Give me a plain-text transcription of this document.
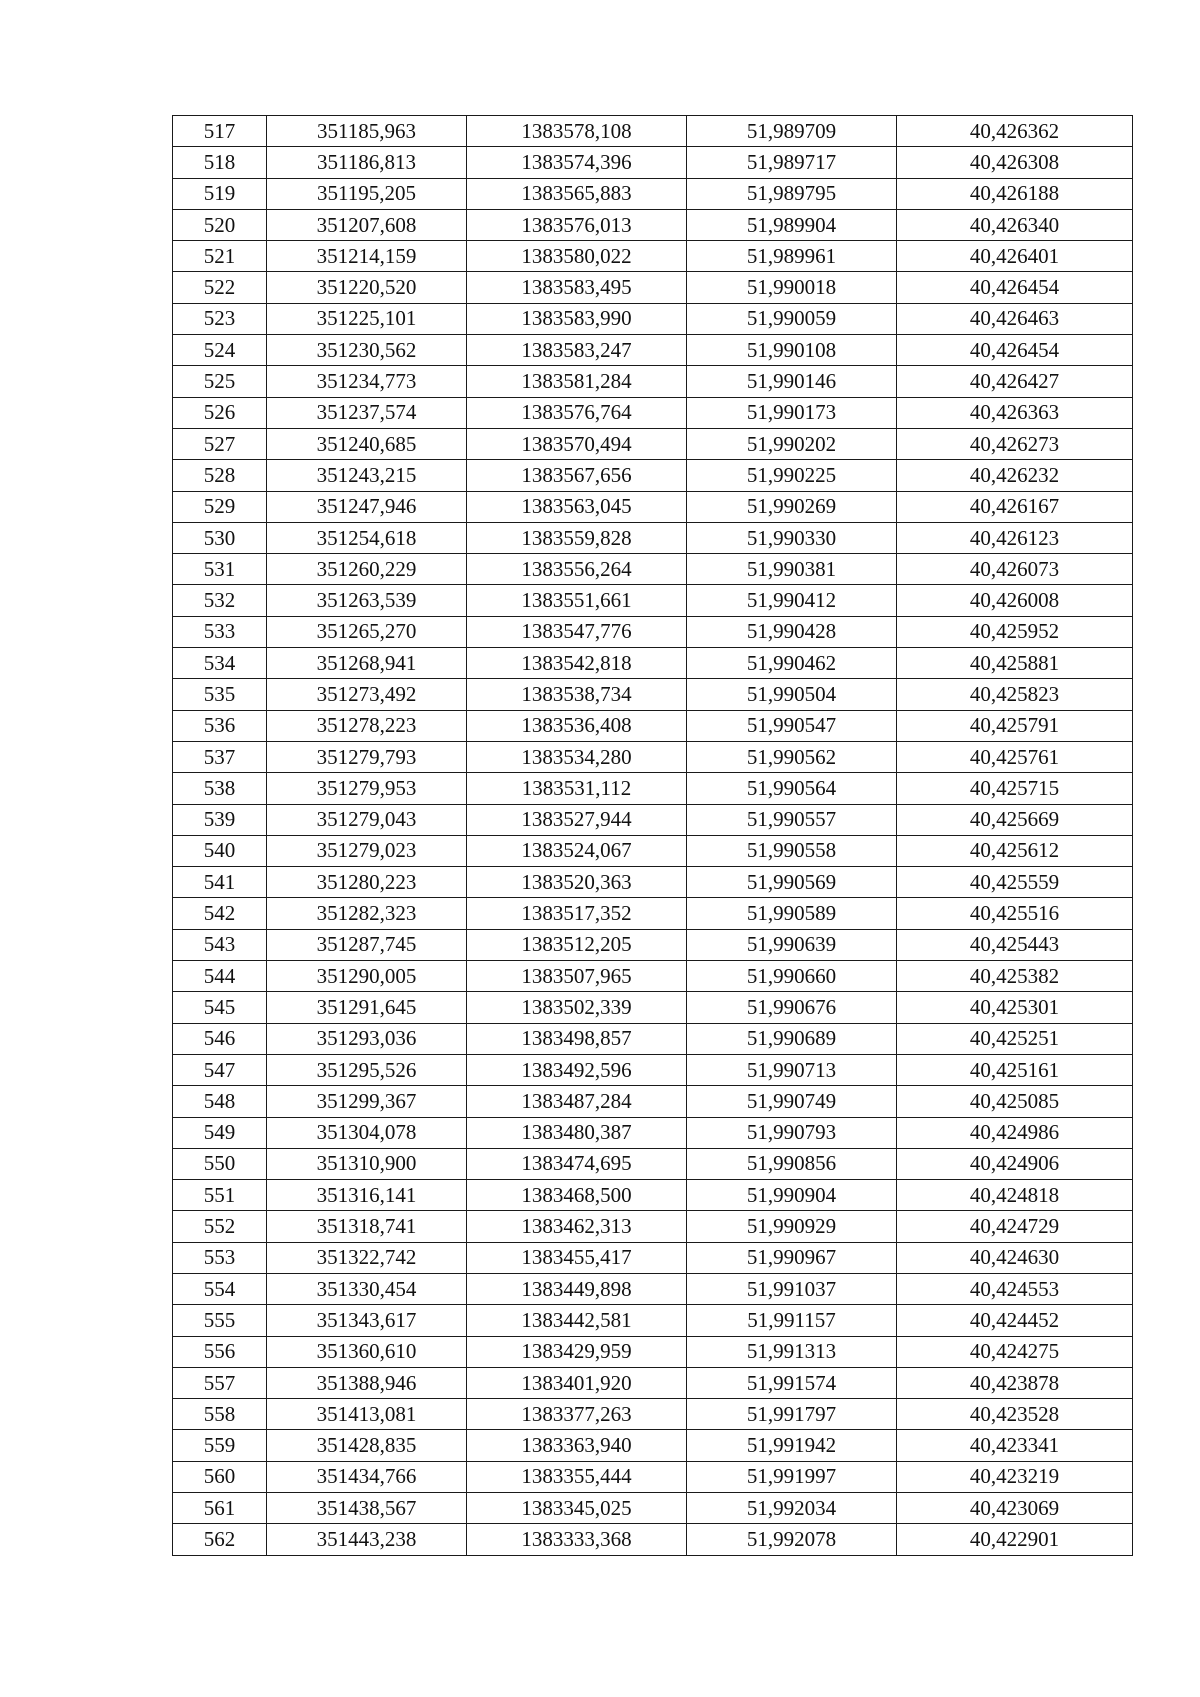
517	351185,963	1383578,108	51,989709	40,426362
518	351186,813	1383574,396	51,989717	40,426308
519	351195,205	1383565,883	51,989795	40,426188
520	351207,608	1383576,013	51,989904	40,426340
521	351214,159	1383580,022	51,989961	40,426401
522	351220,520	1383583,495	51,990018	40,426454
523	351225,101	1383583,990	51,990059	40,426463
524	351230,562	1383583,247	51,990108	40,426454
525	351234,773	1383581,284	51,990146	40,426427
526	351237,574	1383576,764	51,990173	40,426363
527	351240,685	1383570,494	51,990202	40,426273
528	351243,215	1383567,656	51,990225	40,426232
529	351247,946	1383563,045	51,990269	40,426167
530	351254,618	1383559,828	51,990330	40,426123
531	351260,229	1383556,264	51,990381	40,426073
532	351263,539	1383551,661	51,990412	40,426008
533	351265,270	1383547,776	51,990428	40,425952
534	351268,941	1383542,818	51,990462	40,425881
535	351273,492	1383538,734	51,990504	40,425823
536	351278,223	1383536,408	51,990547	40,425791
537	351279,793	1383534,280	51,990562	40,425761
538	351279,953	1383531,112	51,990564	40,425715
539	351279,043	1383527,944	51,990557	40,425669
540	351279,023	1383524,067	51,990558	40,425612
541	351280,223	1383520,363	51,990569	40,425559
542	351282,323	1383517,352	51,990589	40,425516
543	351287,745	1383512,205	51,990639	40,425443
544	351290,005	1383507,965	51,990660	40,425382
545	351291,645	1383502,339	51,990676	40,425301
546	351293,036	1383498,857	51,990689	40,425251
547	351295,526	1383492,596	51,990713	40,425161
548	351299,367	1383487,284	51,990749	40,425085
549	351304,078	1383480,387	51,990793	40,424986
550	351310,900	1383474,695	51,990856	40,424906
551	351316,141	1383468,500	51,990904	40,424818
552	351318,741	1383462,313	51,990929	40,424729
553	351322,742	1383455,417	51,990967	40,424630
554	351330,454	1383449,898	51,991037	40,424553
555	351343,617	1383442,581	51,991157	40,424452
556	351360,610	1383429,959	51,991313	40,424275
557	351388,946	1383401,920	51,991574	40,423878
558	351413,081	1383377,263	51,991797	40,423528
559	351428,835	1383363,940	51,991942	40,423341
560	351434,766	1383355,444	51,991997	40,423219
561	351438,567	1383345,025	51,992034	40,423069
562	351443,238	1383333,368	51,992078	40,422901
